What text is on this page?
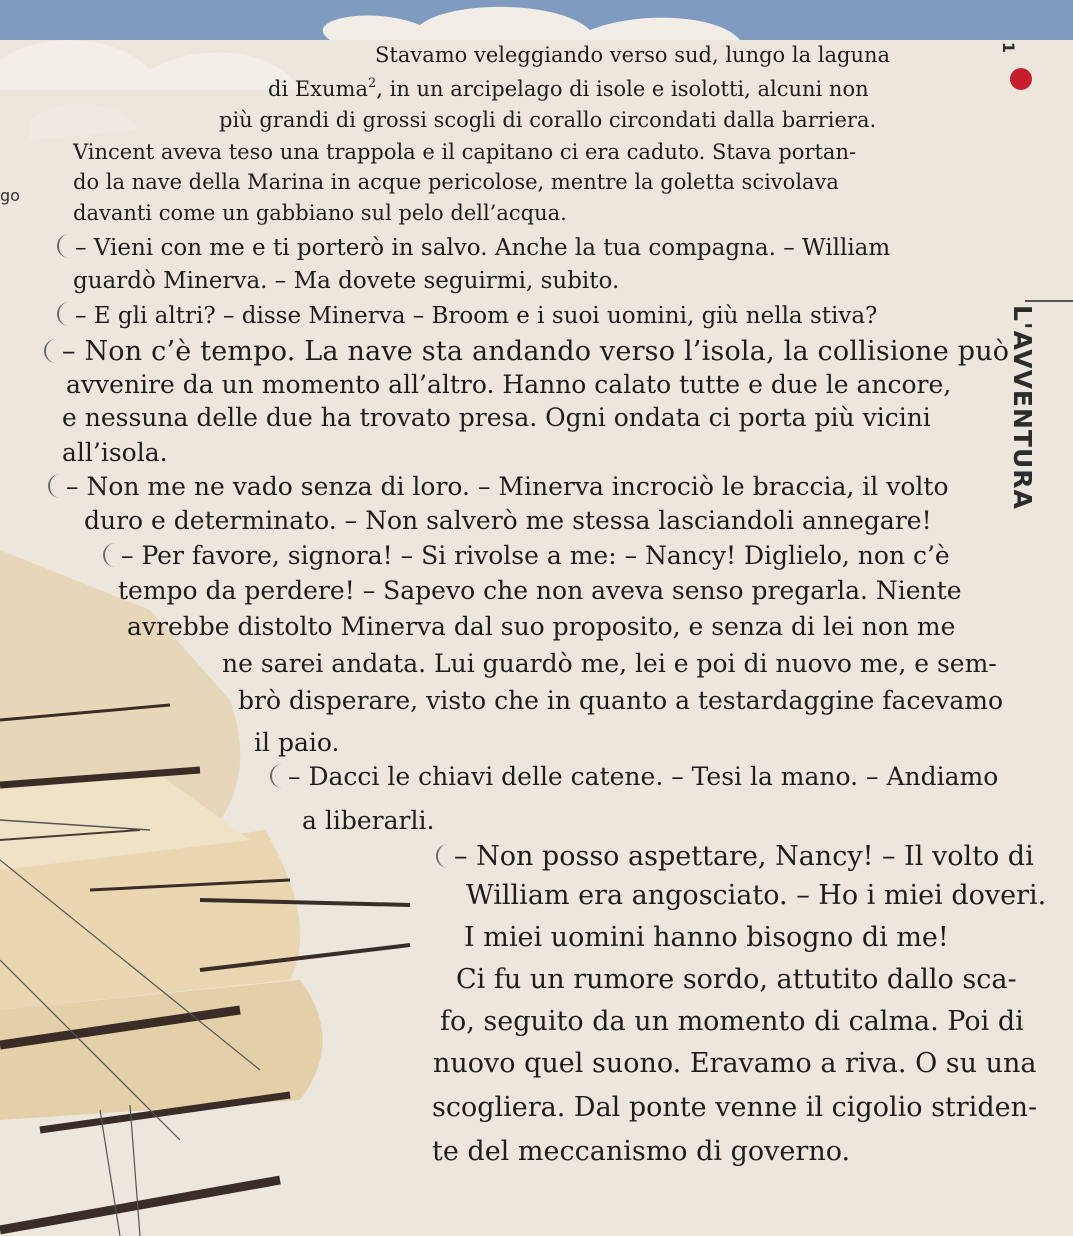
go
1
L'AVVENTURA
Stavamo veleggiando verso sud, lungo la laguna
di Exuma$^2$, in un arcipelago di isole e isolotti, alcuni non
più grandi di grossi scogli di corallo circondati dalla barriera.
Vincent aveva teso una trappola e il capitano ci era caduto. Stava portan-
do la nave della Marina in acque pericolose, mentre la goletta scivolava
davanti come un gabbiano sul pelo dell’acqua.
– Vieni con me e ti porterò in salvo. Anche la tua compagna. – William
guardò Minerva. – Ma dovete seguirmi, subito.
– E gli altri? – disse Minerva – Broom e i suoi uomini, giù nella stiva?
– Non c’è tempo. La nave sta andando verso l’isola, la collisione può
avvenire da un momento all’altro. Hanno calato tutte e due le ancore,
e nessuna delle due ha trovato presa. Ogni ondata ci porta più vicini
all’isola.
– Non me ne vado senza di loro. – Minerva incrociò le braccia, il volto
duro e determinato. – Non salverò me stessa lasciandoli annegare!
– Per favore, signora! – Si rivolse a me: – Nancy! Diglielo, non c’è
tempo da perdere! – Sapevo che non aveva senso pregarla. Niente
avrebbe distolto Minerva dal suo proposito, e senza di lei non me
ne sarei andata. Lui guardò me, lei e poi di nuovo me, e sem-
brò disperare, visto che in quanto a testardaggine facevamo
il paio.
– Dacci le chiavi delle catene. – Tesi la mano. – Andiamo
a liberarli.
– Non posso aspettare, Nancy! – Il volto di
William era angosciato. – Ho i miei doveri.
I miei uomini hanno bisogno di me!
Ci fu un rumore sordo, attutito dallo sca-
fo, seguito da un momento di calma. Poi di
nuovo quel suono. Eravamo a riva. O su una
scogliera. Dal ponte venne il cigolio striden-
te del meccanismo di governo.
